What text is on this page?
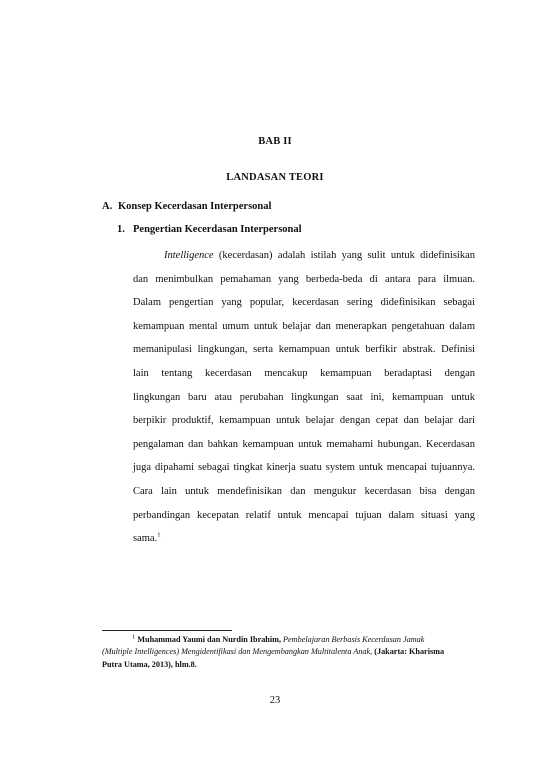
BAB II
LANDASAN TEORI
A. Konsep Kecerdasan Interpersonal
1. Pengertian Kecerdasan Interpersonal
Intelligence (kecerdasan) adalah istilah yang sulit untuk didefinisikan
dan menimbulkan pemahaman yang berbeda-beda di antara para ilmuan.
Dalam pengertian yang popular, kecerdasan sering didefinisikan sebagai
kemampuan mental umum untuk belajar dan menerapkan pengetahuan dalam
memanipulasi lingkungan, serta kemampuan untuk berfikir abstrak. Definisi
lain tentang kecerdasan mencakup kemampuan beradaptasi dengan
lingkungan baru atau perubahan lingkungan saat ini, kemampuan untuk
berpikir produktif, kemampuan untuk belajar dengan cepat dan belajar dari
pengalaman dan bahkan kemampuan untuk memahami hubungan. Kecerdasan
juga dipahami sebagai tingkat kinerja suatu system untuk mencapai tujuannya.
Cara lain untuk mendefinisikan dan mengukur kecerdasan bisa dengan
perbandingan kecepatan relatif untuk mencapai tujuan dalam situasi yang
sama.$^1$
$^1$ Muhammad Yaumi dan Nurdin Ibrahim, Pembelajaran Berbasis Kecerdasan Jamak
(Multiple Intelligences) Mengidentifikasi dan Mengembangkan Multitalenta Anak, (Jakarta: Kharisma
Putra Utama, 2013), hlm.8.
23
